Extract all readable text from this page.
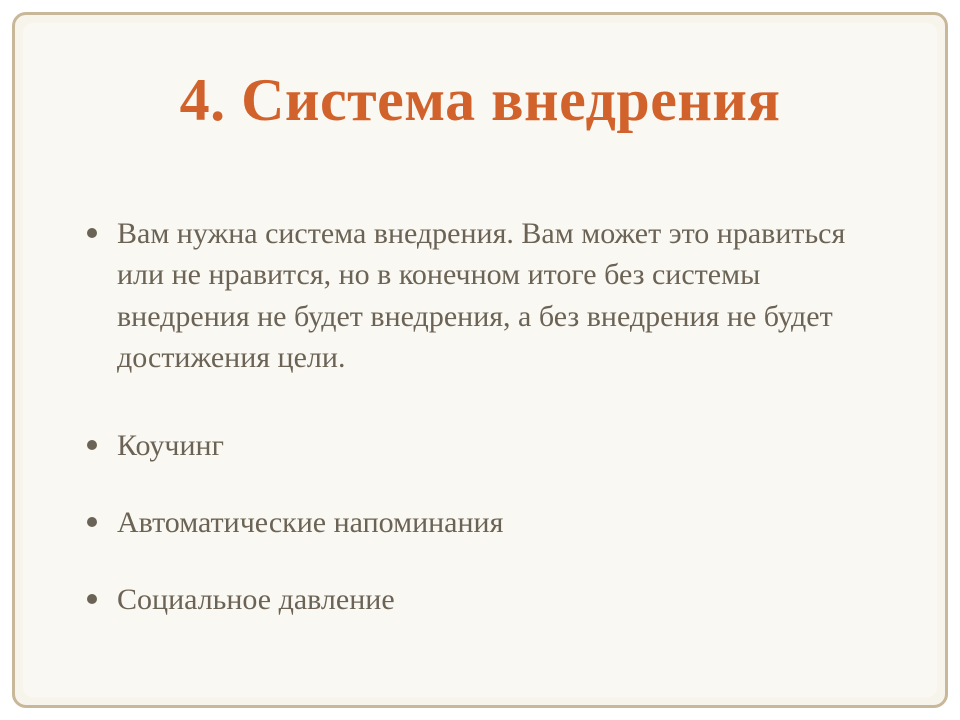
4. Система внедрения
Вам нужна система внедрения. Вам может это нравиться или не нравится, но в конечном итоге без системы внедрения не будет внедрения, а без внедрения не будет достижения цели.
Коучинг
Автоматические напоминания
Социальное давление
